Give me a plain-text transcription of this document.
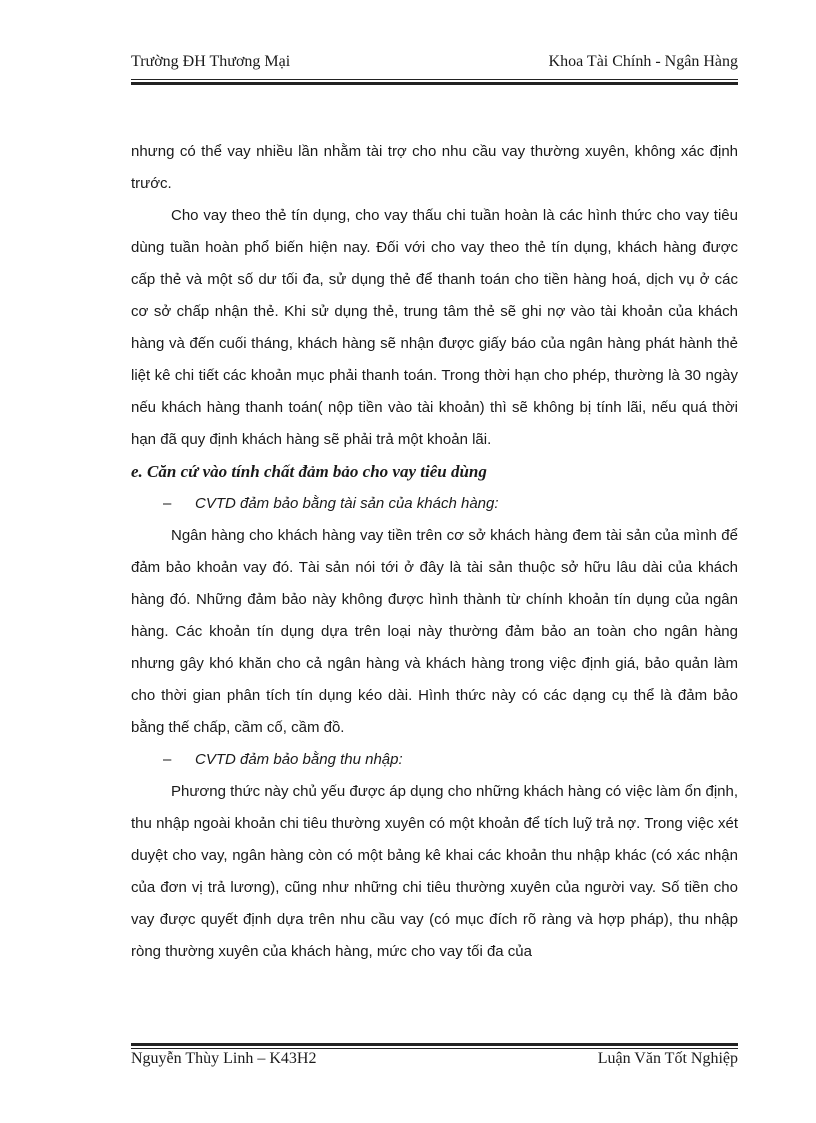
Trường ĐH Thương Mại	Khoa Tài Chính - Ngân Hàng

nhưng có thể vay nhiều lần nhằm tài trợ cho nhu cầu vay thường xuyên, không xác định trước.

Cho vay theo thẻ tín dụng, cho vay thấu chi tuần hoàn là các hình thức cho vay tiêu dùng tuần hoàn phổ biến hiện nay. Đối với cho vay theo thẻ tín dụng, khách hàng được cấp thẻ và một số dư tối đa, sử dụng thẻ để thanh toán cho tiền hàng hoá, dịch vụ ở các cơ sở chấp nhận thẻ. Khi sử dụng thẻ, trung tâm thẻ sẽ ghi nợ vào tài khoản của khách hàng và đến cuối tháng, khách hàng sẽ nhận được giấy báo của ngân hàng phát hành thẻ liệt kê chi tiết các khoản mục phải thanh toán. Trong thời hạn cho phép, thường là 30 ngày nếu khách hàng thanh toán( nộp tiền vào tài khoản) thì sẽ không bị tính lãi, nếu quá thời hạn đã quy định khách hàng sẽ phải trả một khoản lãi.

e. Căn cứ vào tính chất đảm bảo cho vay tiêu dùng

– CVTD đảm bảo bằng tài sản của khách hàng:

Ngân hàng cho khách hàng vay tiền trên cơ sở khách hàng đem tài sản của mình để đảm bảo khoản vay đó. Tài sản nói tới ở đây là tài sản thuộc sở hữu lâu dài của khách hàng đó. Những đảm bảo này không được hình thành từ chính khoản tín dụng của ngân hàng. Các khoản tín dụng dựa trên loại này thường đảm bảo an toàn cho ngân hàng nhưng gây khó khăn cho cả ngân hàng và khách hàng trong việc định giá, bảo quản làm cho thời gian phân tích tín dụng kéo dài. Hình thức này có các dạng cụ thể là đảm bảo bằng thế chấp, cầm cố, cầm đồ.

– CVTD đảm bảo bằng thu nhập:

Phương thức này chủ yếu được áp dụng cho những khách hàng có việc làm ổn định, thu nhập ngoài khoản chi tiêu thường xuyên có một khoản để tích luỹ trả nợ. Trong việc xét duyệt cho vay, ngân hàng còn có một bảng kê khai các khoản thu nhập khác (có xác nhận của đơn vị trả lương), cũng như những chi tiêu thường xuyên của người vay. Số tiền cho vay được quyết định dựa trên nhu cầu vay (có mục đích rõ ràng và hợp pháp), thu nhập ròng thường xuyên của khách hàng, mức cho vay tối đa của

Nguyễn Thùy Linh – K43H2	Luận Văn Tốt Nghiệp
